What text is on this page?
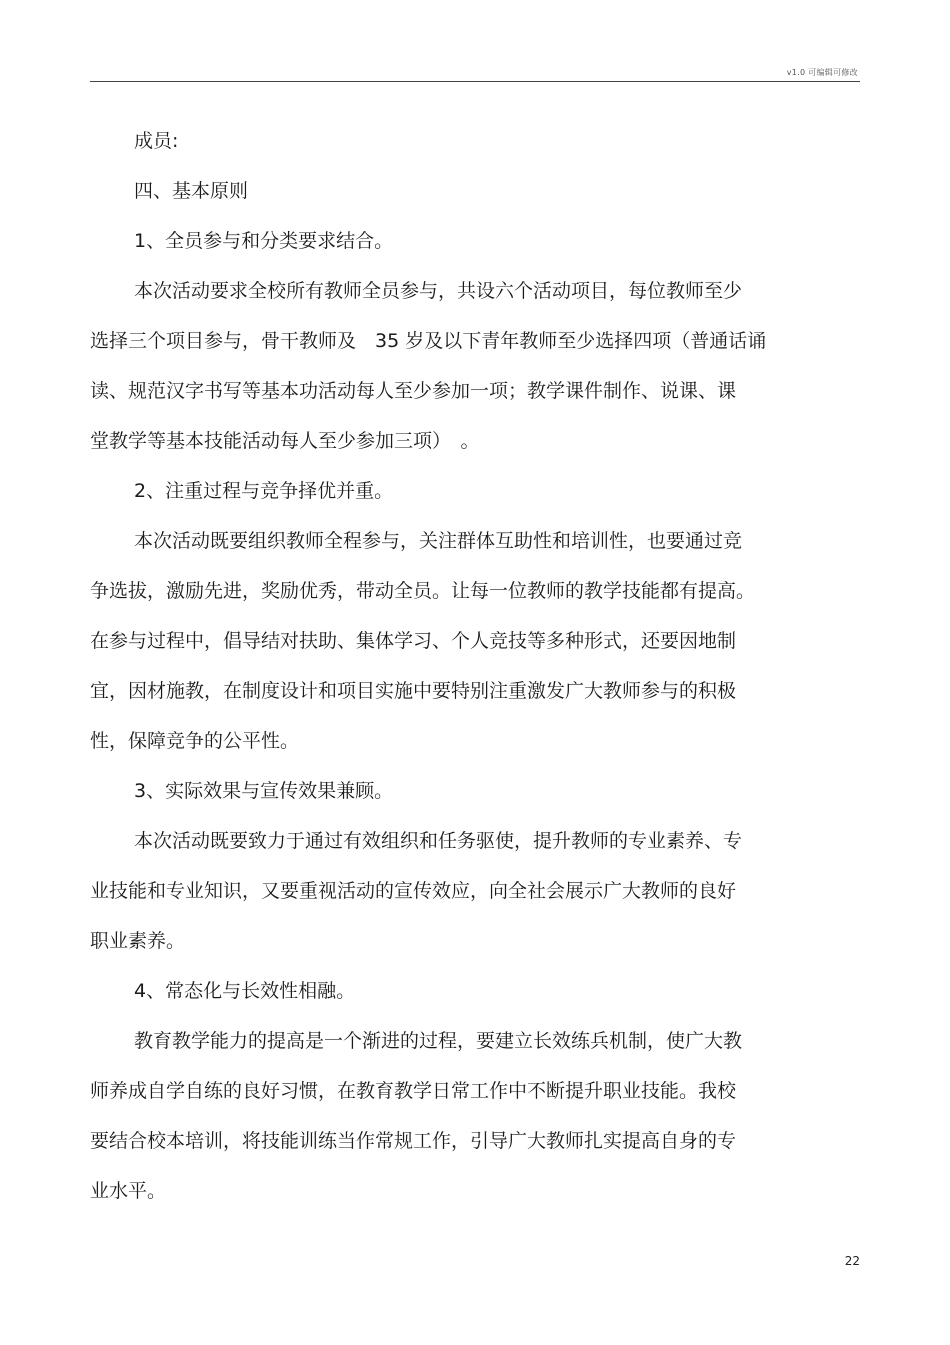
v1.0 可编辑可修改
成员:
四、基本原则
1、全员参与和分类要求结合。
本次活动要求全校所有教师全员参与，共设六个活动项目，每位教师至少
选择三个项目参与，骨干教师及　35 岁及以下青年教师至少选择四项（普通话诵
读、规范汉字书写等基本功活动每人至少参加一项；教学课件制作、说课、课
堂教学等基本技能活动每人至少参加三项）　。
2、注重过程与竞争择优并重。
本次活动既要组织教师全程参与，关注群体互助性和培训性，也要通过竞
争选拔，激励先进，奖励优秀，带动全员。让每一位教师的教学技能都有提高。
在参与过程中，倡导结对扶助、集体学习、个人竞技等多种形式，还要因地制
宜，因材施教，在制度设计和项目实施中要特别注重激发广大教师参与的积极
性，保障竞争的公平性。
3、实际效果与宣传效果兼顾。
本次活动既要致力于通过有效组织和任务驱使，提升教师的专业素养、专
业技能和专业知识，又要重视活动的宣传效应，向全社会展示广大教师的良好
职业素养。
4、常态化与长效性相融。
教育教学能力的提高是一个渐进的过程，要建立长效练兵机制，使广大教
师养成自学自练的良好习惯，在教育教学日常工作中不断提升职业技能。我校
要结合校本培训，将技能训练当作常规工作，引导广大教师扎实提高自身的专
业水平。
22
